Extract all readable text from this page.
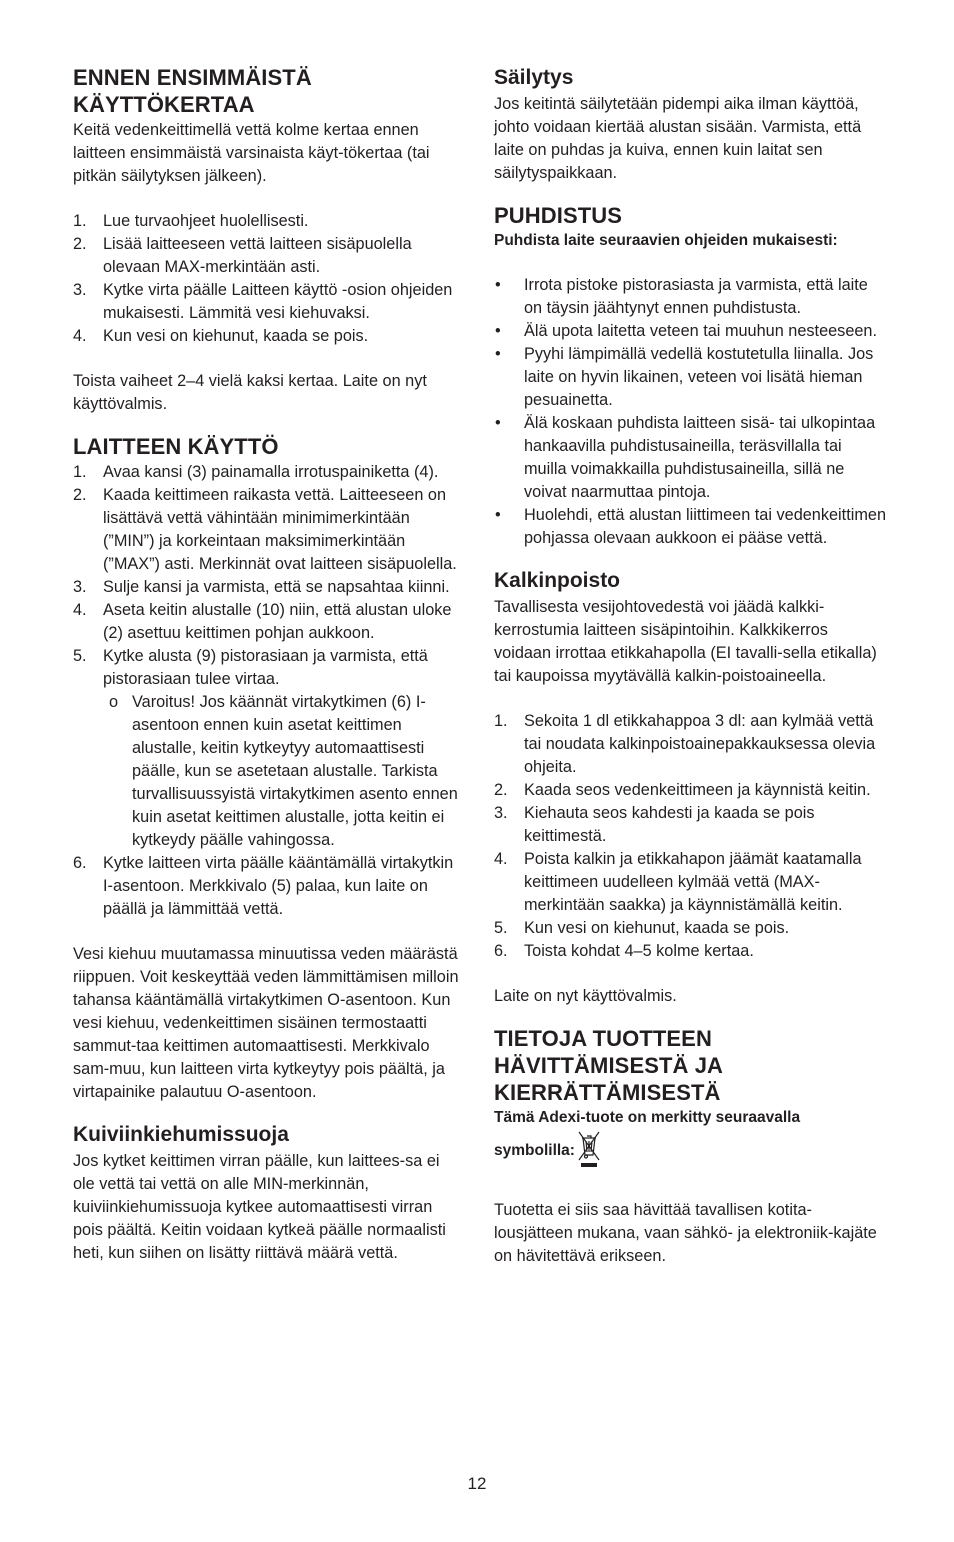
ENNEN ENSIMMÄISTÄ
KÄYTTÖKERTAA

Keitä vedenkeittimellä vettä kolme kertaa ennen laitteen ensimmäistä varsinaista käyt-tökertaa (tai pitkän säilytyksen jälkeen).

1. Lue turvaohjeet huolellisesti.
2. Lisää laitteeseen vettä laitteen sisäpuolella olevaan MAX-merkintään asti.
3. Kytke virta päälle Laitteen käyttö -osion ohjeiden mukaisesti. Lämmitä vesi kiehuvaksi.
4. Kun vesi on kiehunut, kaada se pois.

Toista vaiheet 2–4 vielä kaksi kertaa. Laite on nyt käyttövalmis.

LAITTEEN KÄYTTÖ
1. Avaa kansi (3) painamalla irrotuspainiketta (4).
2. Kaada keittimeen raikasta vettä. Laitteeseen on lisättävä vettä vähintään minimimerkintään (”MIN”) ja korkeintaan maksimimerkintään (”MAX”) asti. Merkinnät ovat laitteen sisäpuolella.
3. Sulje kansi ja varmista, että se napsahtaa kiinni.
4. Aseta keitin alustalle (10) niin, että alustan uloke (2) asettuu keittimen pohjan aukkoon.
5. Kytke alusta (9) pistorasiaan ja varmista, että pistorasiaan tulee virtaa.
o Varoitus! Jos käännät virtakytkimen (6) I-asentoon ennen kuin asetat keittimen alustalle, keitin kytkeytyy automaattisesti päälle, kun se asetetaan alustalle. Tarkista turvallisuussyistä virtakytkimen asento ennen kuin asetat keittimen alustalle, jotta keitin ei kytkeydy päälle vahingossa.
6. Kytke laitteen virta päälle kääntämällä virtakytkin I-asentoon. Merkkivalo (5) palaa, kun laite on päällä ja lämmittää vettä.

Vesi kiehuu muutamassa minuutissa veden määrästä riippuen. Voit keskeyttää veden lämmittämisen milloin tahansa kääntämällä virtakytkimen O-asentoon. Kun vesi kiehuu, vedenkeittimen sisäinen termostaatti sammut-taa keittimen automaattisesti. Merkkivalo sam-muu, kun laitteen virta kytkeytyy pois päältä, ja virtapainike palautuu O-asentoon.

Kuiviinkiehumissuoja

Jos kytket keittimen virran päälle, kun laittees-sa ei ole vettä tai vettä on alle MIN-merkinnän, kuiviinkiehumissuoja kytkee automaattisesti virran pois päältä. Keitin voidaan kytkeä päälle normaalisti heti, kun siihen on lisätty riittävä määrä vettä.

Säilytys

Jos keitintä säilytetään pidempi aika ilman käyttöä, johto voidaan kiertää alustan sisään. Varmista, että laite on puhdas ja kuiva, ennen kuin laitat sen säilytyspaikkaan.

PUHDISTUS

Puhdista laite seuraavien ohjeiden mukaisesti:

• Irrota pistoke pistorasiasta ja varmista, että laite on täysin jäähtynyt ennen puhdistusta.
• Älä upota laitetta veteen tai muuhun nesteeseen.
• Pyyhi lämpimällä vedellä kostutetulla liinalla. Jos laite on hyvin likainen, veteen voi lisätä hieman pesuainetta.
• Älä koskaan puhdista laitteen sisä- tai ulkopintaa hankaavilla puhdistusaineilla, teräsvillalla tai muilla voimakkailla puhdistusaineilla, sillä ne voivat naarmuttaa pintoja.
• Huolehdi, että alustan liittimeen tai vedenkeittimen pohjassa olevaan aukkoon ei pääse vettä.
Kalkinpoisto

Tavallisesta vesijohtovedestä voi jäädä kalkki-kerrostumia laitteen sisäpintoihin. Kalkkikerros voidaan irrottaa etikkahapolla (EI tavalli-sella etikalla) tai kaupoissa myytävällä kalkin-poistoaineella.

1. Sekoita 1 dl etikkahappoa 3 dl: aan kylmää vettä tai noudata kalkinpoistoainepakkauksessa olevia ohjeita.
2. Kaada seos vedenkeittimeen ja käynnistä keitin.
3. Kiehauta seos kahdesti ja kaada se pois keittimestä.
4. Poista kalkin ja etikkahapon jäämät kaatamalla keittimeen uudelleen kylmää vettä (MAX-merkintään saakka) ja käynnistämällä keitin.
5. Kun vesi on kiehunut, kaada se pois.
6. Toista kohdat 4–5 kolme kertaa.

Laite on nyt käyttövalmis.

TIETOJA TUOTTEEN
HÄVITTÄMISESTÄ JA
KIERRÄTTÄMISESTÄ
Tämä Adexi-tuote on merkitty seuraavalla
symbolilla:

Tuotetta ei siis saa hävittää tavallisen kotita-lousjätteen mukana, vaan sähkö- ja elektroniik-kajäte on hävitettävä erikseen.

12
